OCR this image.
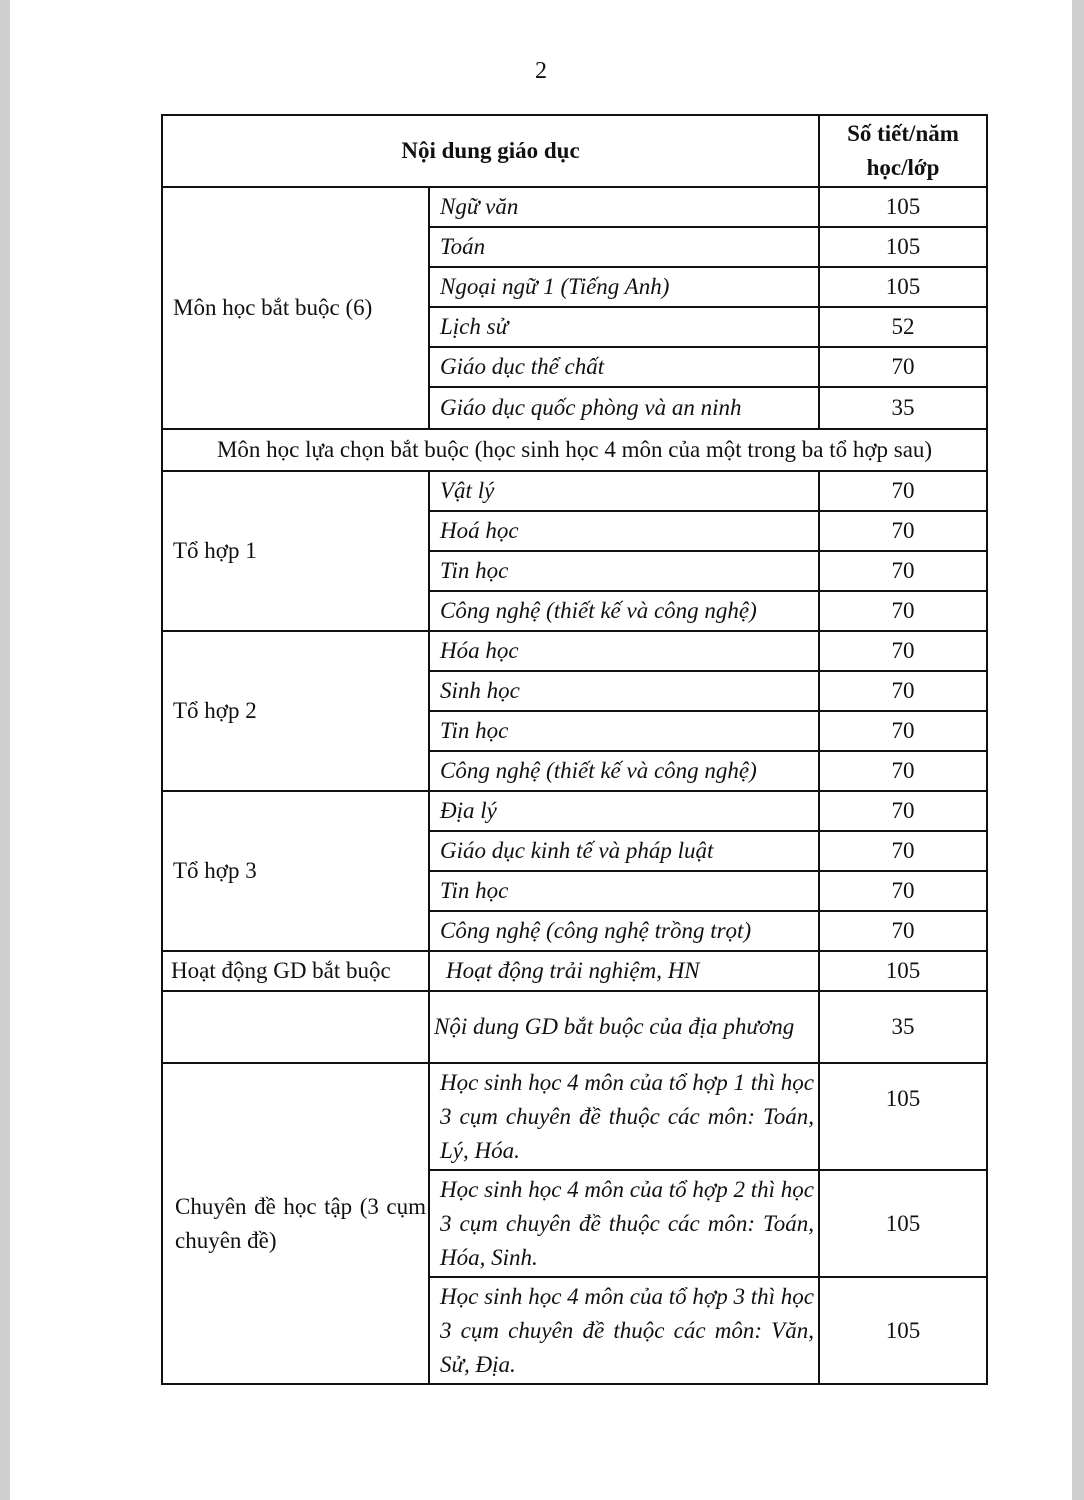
2
Nội dung giáo dục		Số tiết/năm học/lớp
Môn học bắt buộc (6)	Ngữ văn	105
	Toán	105
	Ngoại ngữ 1 (Tiếng Anh)	105
	Lịch sử	52
	Giáo dục thể chất	70
	Giáo dục quốc phòng và an ninh	35
Môn học lựa chọn bắt buộc (học sinh học 4 môn của một trong ba tổ hợp sau)		
Tổ hợp 1	Vật lý	70
	Hoá học	70
	Tin học	70
	Công nghệ (thiết kế và công nghệ)	70
Tổ hợp 2	Hóa học	70
	Sinh học	70
	Tin học	70
	Công nghệ (thiết kế và công nghệ)	70
Tổ hợp 3	Địa lý	70
	Giáo dục kinh tế và pháp luật	70
	Tin học	70
	Công nghệ (công nghệ trồng trọt)	70
Hoạt động GD bắt buộc	Hoạt động trải nghiệm, HN	105
	Nội dung GD bắt buộc của địa phương	35
Chuyên đề học tập (3 cụm chuyên đề)	Học sinh học 4 môn của tổ hợp 1 thì học 3 cụm chuyên đề thuộc các môn: Toán, Lý, Hóa.	105
	Học sinh học 4 môn của tổ hợp 2 thì học 3 cụm chuyên đề thuộc các môn: Toán, Hóa, Sinh.	105
	Học sinh học 4 môn của tổ hợp 3 thì học 3 cụm chuyên đề thuộc các môn: Văn, Sử, Địa.	105
